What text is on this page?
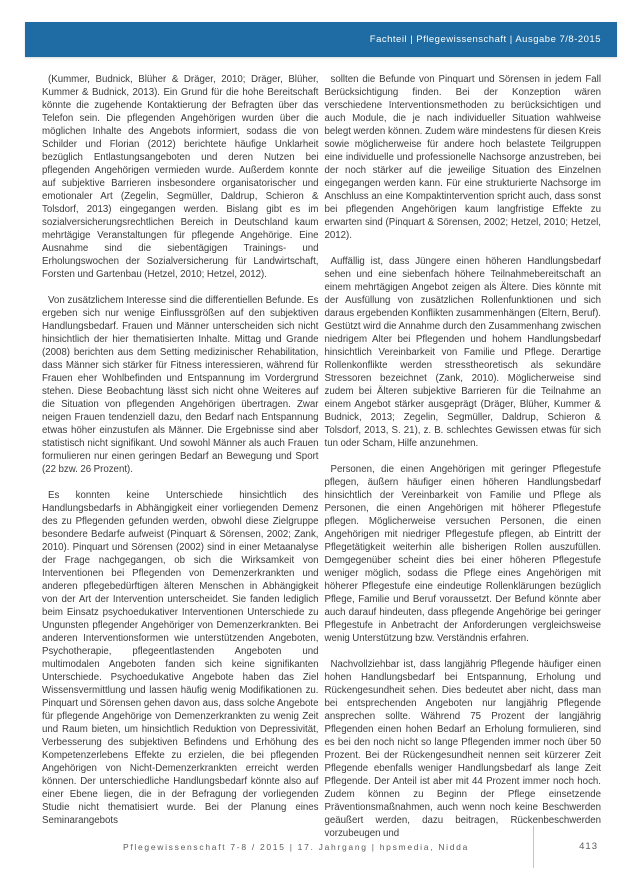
Fachteil | Pflegewissenschaft | Ausgabe 7/8-2015

(Kummer, Budnick, Blüher & Dräger, 2010; Dräger, Blüher, Kummer & Budnick, 2013). Ein Grund für die hohe Bereitschaft könnte die zugehende Kontaktierung der Befragten über das Telefon sein. Die pflegenden Angehörigen wurden über die möglichen Inhalte des Angebots informiert, sodass die von Schilder und Florian (2012) berichtete häufige Unklarheit bezüglich Entlastungsangeboten und deren Nutzen bei pflegenden Angehörigen vermieden wurde. Außerdem konnte auf subjektive Barrieren insbesondere organisatorischer und emotionaler Art (Zegelin, Segmüller, Daldrup, Schieron & Tolsdorf, 2013) eingegangen werden. Bislang gibt es im sozialversicherungsrechtlichen Bereich in Deutschland kaum mehrtägige Veranstaltungen für pflegende Angehörige. Eine Ausnahme sind die siebentägigen Trainings- und Erholungswochen der Sozialversicherung für Landwirtschaft, Forsten und Gartenbau (Hetzel, 2010; Hetzel, 2012).

Von zusätzlichem Interesse sind die differentiellen Befunde. Es ergeben sich nur wenige Einflussgrößen auf den subjektiven Handlungsbedarf. Frauen und Männer unterscheiden sich nicht hinsichtlich der hier thematisierten Inhalte. Mittag und Grande (2008) berichten aus dem Setting medizinischer Rehabilitation, dass Männer sich stärker für Fitness interessieren, während für Frauen eher Wohlbefinden und Entspannung im Vordergrund stehen. Diese Beobachtung lässt sich nicht ohne Weiteres auf die Situation von pflegenden Angehörigen übertragen. Zwar neigen Frauen tendenziell dazu, den Bedarf nach Entspannung etwas höher einzustufen als Männer. Die Ergebnisse sind aber statistisch nicht signifikant. Und sowohl Männer als auch Frauen formulieren nur einen geringen Bedarf an Bewegung und Sport (22 bzw. 26 Prozent).

Es konnten keine Unterschiede hinsichtlich des Handlungsbedarfs in Abhängigkeit einer vorliegenden Demenz des zu Pflegenden gefunden werden, obwohl diese Zielgruppe besondere Bedarfe aufweist (Pinquart & Sörensen, 2002; Zank, 2010). Pinquart und Sörensen (2002) sind in einer Metaanalyse der Frage nachgegangen, ob sich die Wirksamkeit von Interventionen bei Pflegenden von Demenzerkrankten und anderen pflegebedürftigen älteren Menschen in Abhängigkeit von der Art der Intervention unterscheidet. Sie fanden lediglich beim Einsatz psychoedukativer Interventionen Unterschiede zu Ungunsten pflegender Angehöriger von Demenzerkrankten. Bei anderen Interventionsformen wie unterstützenden Angeboten, Psychotherapie, pflegeentlastenden Angeboten und multimodalen Angeboten fanden sich keine signifikanten Unterschiede. Psychoedukative Angebote haben das Ziel Wissensvermittlung und lassen häufig wenig Modifikationen zu. Pinquart und Sörensen gehen davon aus, dass solche Angebote für pflegende Angehörige von Demenzerkrankten zu wenig Zeit und Raum bieten, um hinsichtlich Reduktion von Depressivität, Verbesserung des subjektiven Befindens und Erhöhung des Kompetenzerlebens Effekte zu erzielen, die bei pflegenden Angehörigen von Nicht-Demenzerkrankten erreicht werden können. Der unterschiedliche Handlungsbedarf könnte also auf einer Ebene liegen, die in der Befragung der vorliegenden Studie nicht thematisiert wurde. Bei der Planung eines Seminarangebots

sollten die Befunde von Pinquart und Sörensen in jedem Fall Berücksichtigung finden. Bei der Konzeption wären verschiedene Interventionsmethoden zu berücksichtigen und auch Module, die je nach individueller Situation wahlweise belegt werden können. Zudem wäre mindestens für diesen Kreis sowie möglicherweise für andere hoch belastete Teilgruppen eine individuelle und professionelle Nachsorge anzustreben, bei der noch stärker auf die jeweilige Situation des Einzelnen eingegangen werden kann. Für eine strukturierte Nachsorge im Anschluss an eine Kompaktintervention spricht auch, dass sonst bei pflegenden Angehörigen kaum langfristige Effekte zu erwarten sind (Pinquart & Sörensen, 2002; Hetzel, 2010; Hetzel, 2012).

Auffällig ist, dass Jüngere einen höheren Handlungsbedarf sehen und eine siebenfach höhere Teilnahmebereitschaft an einem mehrtägigen Angebot zeigen als Ältere. Dies könnte mit der Ausfüllung von zusätzlichen Rollenfunktionen und sich daraus ergebenden Konflikten zusammenhängen (Eltern, Beruf). Gestützt wird die Annahme durch den Zusammenhang zwischen niedrigem Alter bei Pflegenden und hohem Handlungsbedarf hinsichtlich Vereinbarkeit von Familie und Pflege. Derartige Rollenkonflikte werden stresstheoretisch als sekundäre Stressoren bezeichnet (Zank, 2010). Möglicherweise sind zudem bei Älteren subjektive Barrieren für die Teilnahme an einem Angebot stärker ausgeprägt (Dräger, Blüher, Kummer & Budnick, 2013; Zegelin, Segmüller, Daldrup, Schieron & Tolsdorf, 2013, S. 21), z. B. schlechtes Gewissen etwas für sich tun oder Scham, Hilfe anzunehmen.

Personen, die einen Angehörigen mit geringer Pflegestufe pflegen, äußern häufiger einen höheren Handlungsbedarf hinsichtlich der Vereinbarkeit von Familie und Pflege als Personen, die einen Angehörigen mit höherer Pflegestufe pflegen. Möglicherweise versuchen Personen, die einen Angehörigen mit niedriger Pflegestufe pflegen, ab Eintritt der Pflegetätigkeit weiterhin alle bisherigen Rollen auszufüllen. Demgegenüber scheint dies bei einer höheren Pflegestufe weniger möglich, sodass die Pflege eines Angehörigen mit höherer Pflegestufe eine eindeutige Rollenklärungen bezüglich Pflege, Familie und Beruf voraussetzt. Der Befund könnte aber auch darauf hindeuten, dass pflegende Angehörige bei geringer Pflegestufe in Anbetracht der Anforderungen vergleichsweise wenig Unterstützung bzw. Verständnis erfahren.

Nachvollziehbar ist, dass langjährig Pflegende häufiger einen hohen Handlungsbedarf bei Entspannung, Erholung und Rückengesundheit sehen. Dies bedeutet aber nicht, dass man bei entsprechenden Angeboten nur langjährig Pflegende ansprechen sollte. Während 75 Prozent der langjährig Pflegenden einen hohen Bedarf an Erholung formulieren, sind es bei den noch nicht so lange Pflegenden immer noch über 50 Prozent. Bei der Rückengesundheit nennen seit kürzerer Zeit Pflegende ebenfalls weniger Handlungsbedarf als lange Zeit Pflegende. Der Anteil ist aber mit 44 Prozent immer noch hoch. Zudem können zu Beginn der Pflege einsetzende Präventionsmaßnahmen, auch wenn noch keine Beschwerden geäußert werden, dazu beitragen, Rückenbeschwerden vorzubeugen und

Pflegewissenschaft 7-8 / 2015 | 17. Jahrgang | hpsmedia, Nidda	413
